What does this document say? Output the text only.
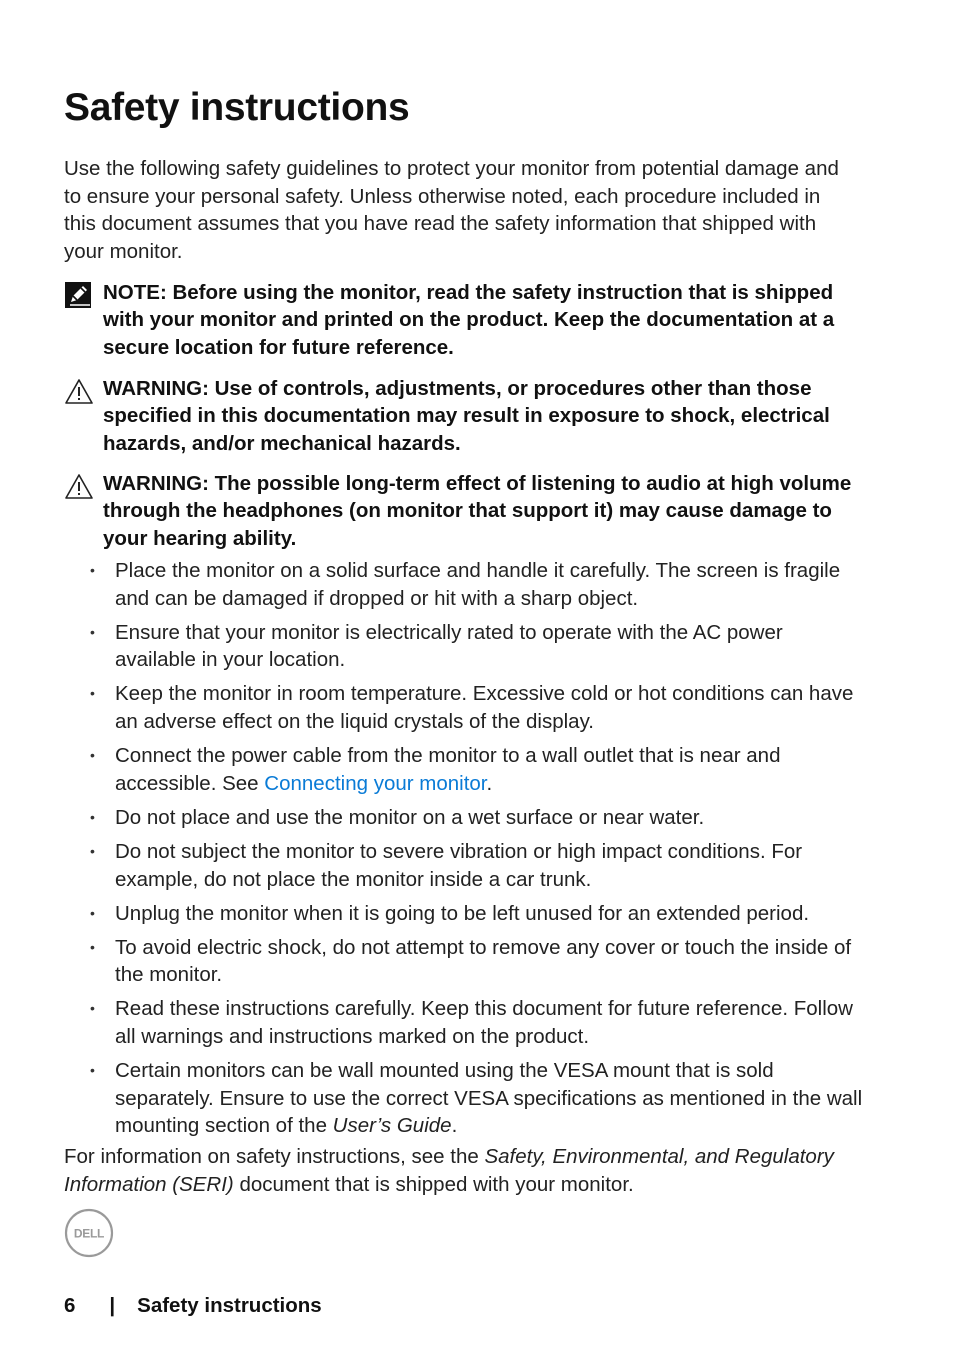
Safety instructions

Use the following safety guidelines to protect your monitor from potential damage and to ensure your personal safety. Unless otherwise noted, each procedure included in this document assumes that you have read the safety information that shipped with your monitor.

NOTE: Before using the monitor, read the safety instruction that is shipped with your monitor and printed on the product. Keep the documentation at a secure location for future reference.

WARNING: Use of controls, adjustments, or procedures other than those specified in this documentation may result in exposure to shock, electrical hazards, and/or mechanical hazards.

WARNING: The possible long-term effect of listening to audio at high volume through the headphones (on monitor that support it) may cause damage to your hearing ability.

• Place the monitor on a solid surface and handle it carefully. The screen is fragile and can be damaged if dropped or hit with a sharp object.
• Ensure that your monitor is electrically rated to operate with the AC power available in your location.
• Keep the monitor in room temperature. Excessive cold or hot conditions can have an adverse effect on the liquid crystals of the display.
• Connect the power cable from the monitor to a wall outlet that is near and accessible. See Connecting your monitor.
• Do not place and use the monitor on a wet surface or near water.
• Do not subject the monitor to severe vibration or high impact conditions. For example, do not place the monitor inside a car trunk.
• Unplug the monitor when it is going to be left unused for an extended period.
• To avoid electric shock, do not attempt to remove any cover or touch the inside of the monitor.
• Read these instructions carefully. Keep this document for future reference. Follow all warnings and instructions marked on the product.
• Certain monitors can be wall mounted using the VESA mount that is sold separately. Ensure to use the correct VESA specifications as mentioned in the wall mounting section of the User’s Guide.

For information on safety instructions, see the Safety, Environmental, and Regulatory Information (SERI) document that is shipped with your monitor.

DELL
6 | Safety instructions
